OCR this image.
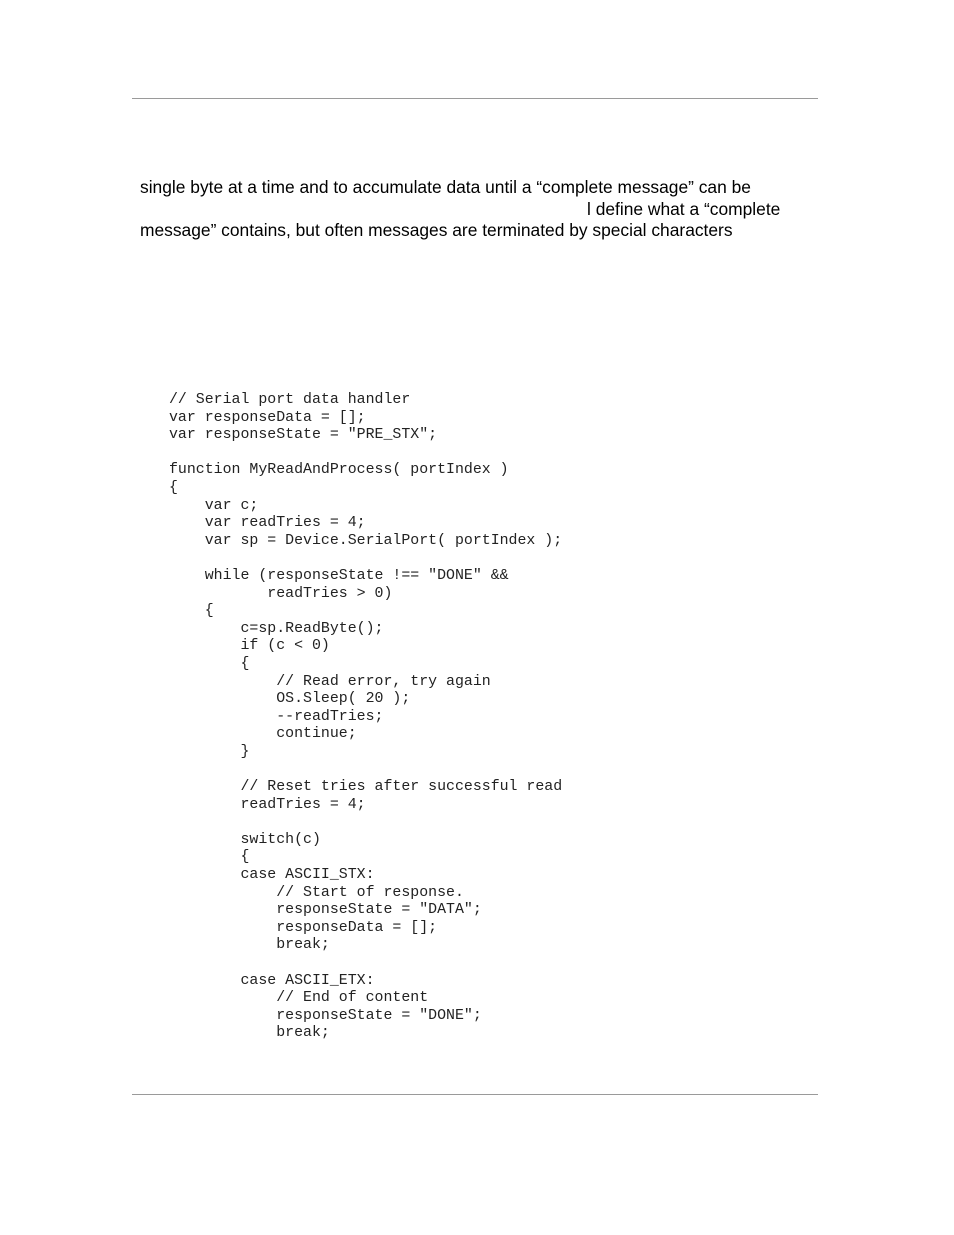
single byte at a time and to accumulate data until a “complete message” can be
l define what a “complete
message” contains, but often messages are terminated by special characters
// Serial port data handler
var responseData = [];
var responseState = "PRE_STX";
function MyReadAndProcess( portIndex )
{
var c;
var readTries = 4;
var sp = Device.SerialPort( portIndex );
while (responseState !== "DONE" &&
readTries > 0)
{
c=sp.ReadByte();
if (c < 0)
{
// Read error, try again
OS.Sleep( 20 );
--readTries;
continue;
}
// Reset tries after successful read
readTries = 4;
switch(c)
{
case ASCII_STX:
// Start of response.
responseState = "DATA";
responseData = [];
break;
case ASCII_ETX:
// End of content
responseState = "DONE";
break;
